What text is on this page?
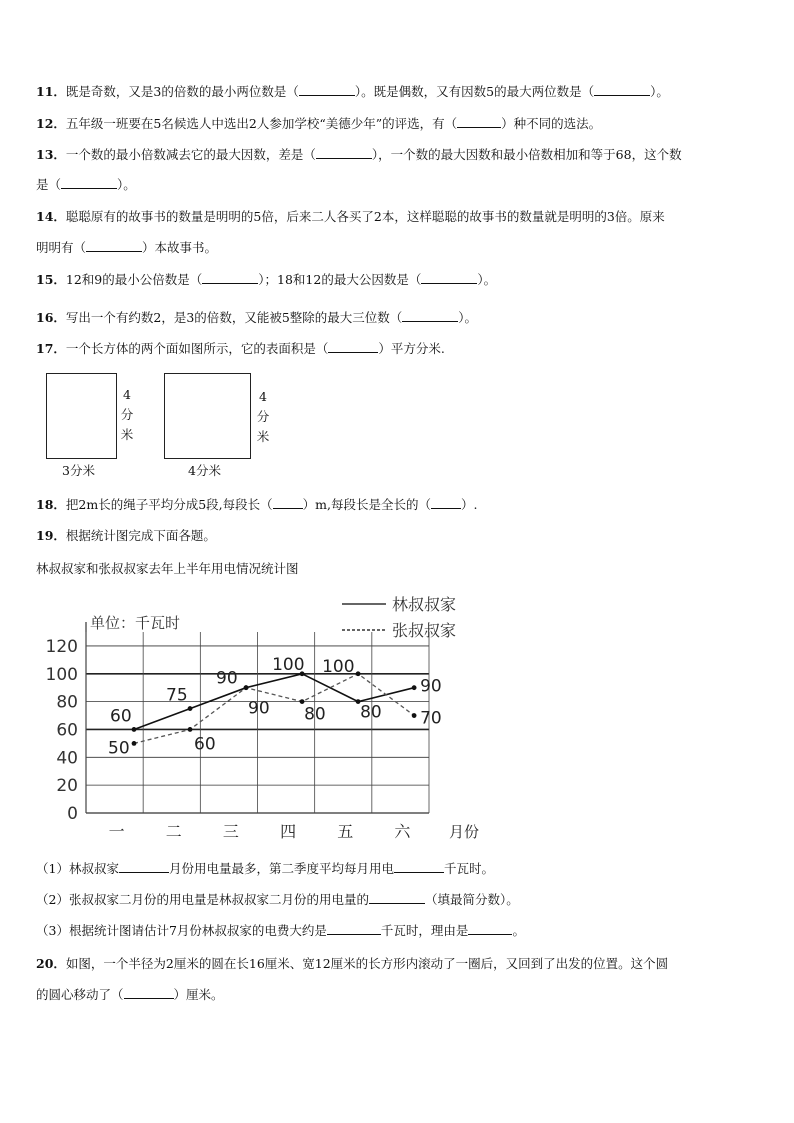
11．既是奇数，又是3的倍数的最小两位数是（	）。既是偶数，又有因数5的最大两位数是（	）。
12．五年级一班要在5名候选人中选出2人参加学校“美德少年”的评选，有（	）种不同的选法。
13．一个数的最小倍数减去它的最大因数，差是（	），一个数的最大因数和最小倍数相加和等于68，这个数
是（	）。
14．聪聪原有的故事书的数量是明明的5倍，后来二人各买了2本，这样聪聪的故事书的数量就是明明的3倍。原来
明明有（	）本故事书。
15．12和9的最小公倍数是（	）；18和12的最大公因数是（	）。
16．写出一个有约数2，是3的倍数，又能被5整除的最大三位数（	）。
17．一个长方体的两个面如图所示，它的表面积是（	）平方分米.
4
分
米
3分米
4
分
米
4分米
18．把2m长的绳子平均分成5段,每段长（ ）m,每段长是全长的（ ）.
19．根据统计图完成下面各题。
林叔叔家和张叔叔家去年上半年用电情况统计图
0
20
40
60
80
100
120
单位：千瓦时
一	二	三	四	五	六	月份
60
75
90
100
80
90
50	60
90 80
100
70
林叔叔家
张叔叔家
（1）林叔叔家	月份用电量最多，第二季度平均每月用电	千瓦时。
（2）张叔叔家二月份的用电量是林叔叔家二月份的用电量的	（填最简分数）。
（3）根据统计图请估计7月份林叔叔家的电费大约是	千瓦时，理由是	。
20．如图，一个半径为2厘米的圆在长16厘米、宽12厘米的长方形内滚动了一圈后，又回到了出发的位置。这个圆
的圆心移动了（	）厘米。
